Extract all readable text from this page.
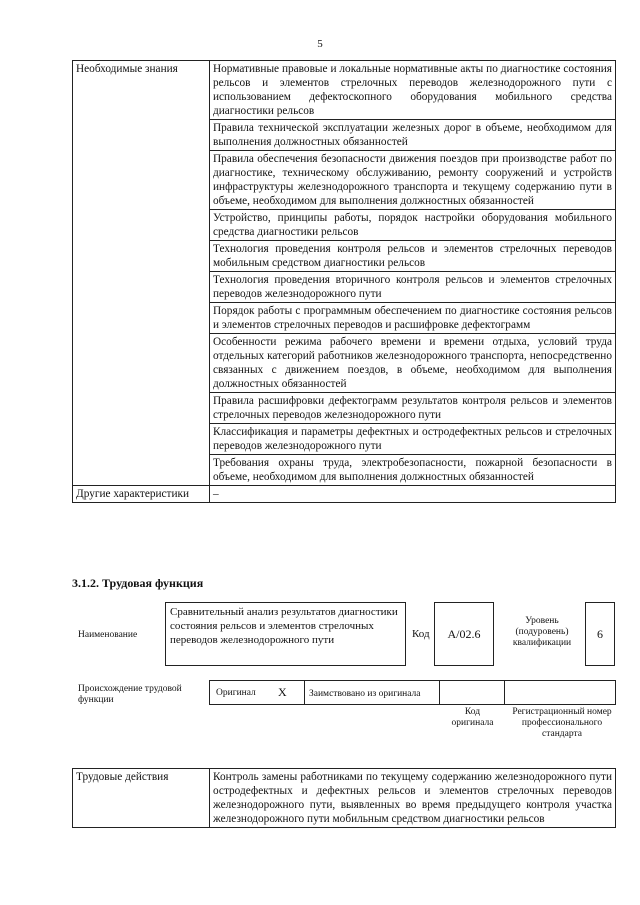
5
Необходимые знания	Нормативные правовые и локальные нормативные акты по диагностике состояния рельсов и элементов стрелочных переводов железнодорожного пути с использованием дефектоскопного оборудования мобильного средства диагностики рельсов
	Правила технической эксплуатации железных дорог в объеме, необходимом для выполнения должностных обязанностей
	Правила обеспечения безопасности движения поездов при производстве работ по диагностике, техническому обслуживанию, ремонту сооружений и устройств инфраструктуры железнодорожного транспорта и текущему содержанию пути в объеме, необходимом для выполнения должностных обязанностей
	Устройство, принципы работы, порядок настройки оборудования мобильного средства диагностики рельсов
	Технология проведения контроля рельсов и элементов стрелочных переводов мобильным средством диагностики рельсов
	Технология проведения вторичного контроля рельсов и элементов стрелочных переводов железнодорожного пути
	Порядок работы с программным обеспечением по диагностике состояния рельсов и элементов стрелочных переводов и расшифровке дефектограмм
	Особенности режима рабочего времени и времени отдыха, условий труда отдельных категорий работников железнодорожного транспорта, непосредственно связанных с движением поездов, в объеме, необходимом для выполнения должностных обязанностей
	Правила расшифровки дефектограмм результатов контроля рельсов и элементов стрелочных переводов железнодорожного пути
	Классификация и параметры дефектных и остродефектных рельсов и стрелочных переводов железнодорожного пути
	Требования охраны труда, электробезопасности, пожарной безопасности в объеме, необходимом для выполнения должностных обязанностей
Другие характеристики	–
3.1.2. Трудовая функция
Наименование
Сравнительный анализ результатов диагностики состояния рельсов и элементов стрелочных переводов железнодорожного пути	Код	А/02.6
Уровень (подуровень) квалификации
6
Происхождение трудовой функции
Оригинал X	Заимствовано из оригинала
Код оригинала
Регистрационный номер профессионального стандарта
Трудовые действия	Контроль замены работниками по текущему содержанию железнодорожного пути остродефектных и дефектных рельсов и элементов стрелочных переводов железнодорожного пути, выявленных во время предыдущего контроля участка железнодорожного пути мобильным средством диагностики рельсов
